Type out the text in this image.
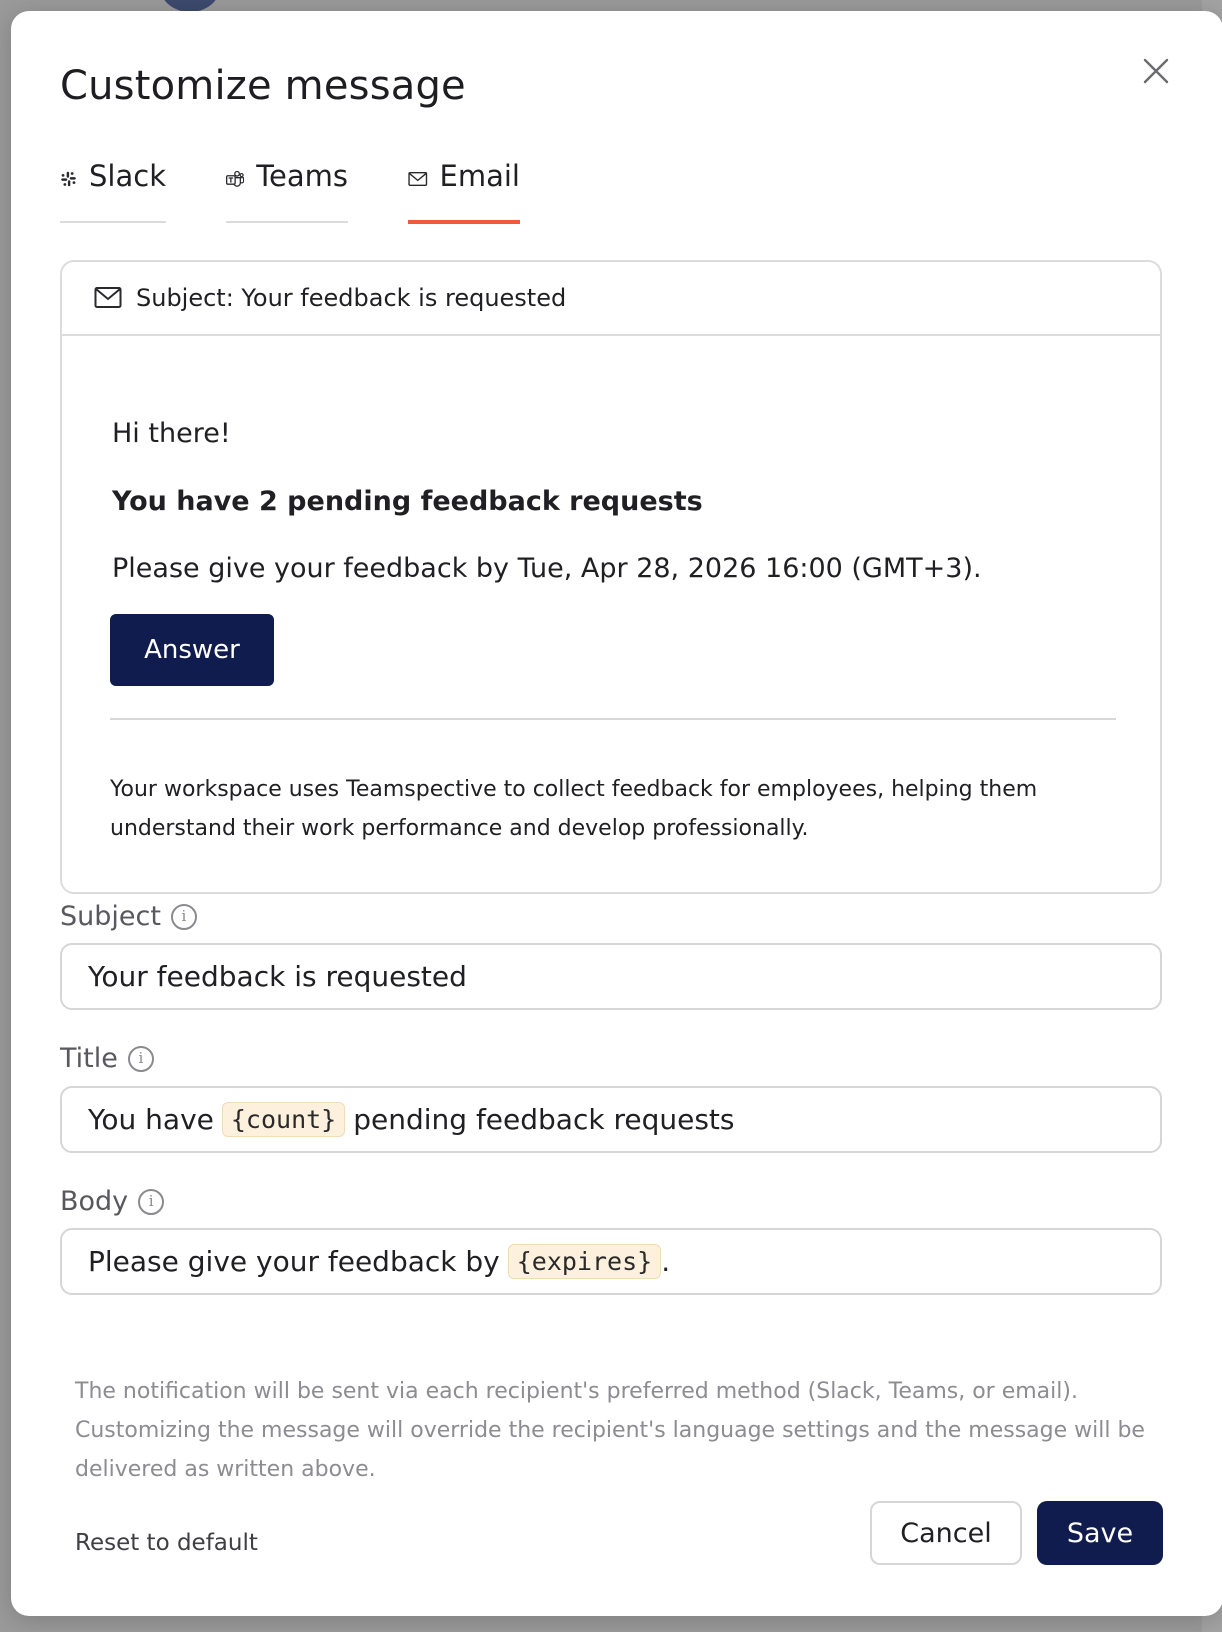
Customize message
Slack	Teams	Email
Subject: Your feedback is requested
Hi there!
You have 2 pending feedback requests
Please give your feedback by Tue, Apr 28, 2026 16:00 (GMT+3).
Answer
Your workspace uses Teamspective to collect feedback for employees, helping them understand their work performance and develop professionally.
Subject	i
Your feedback is requested
Title	i
You have {count} pending feedback requests
Body	i
Please give your feedback by {expires} .
The notification will be sent via each recipient's preferred method (Slack, Teams, or email). Customizing the message will override the recipient's language settings and the message will be delivered as written above.
Reset to default	Cancel	Save
